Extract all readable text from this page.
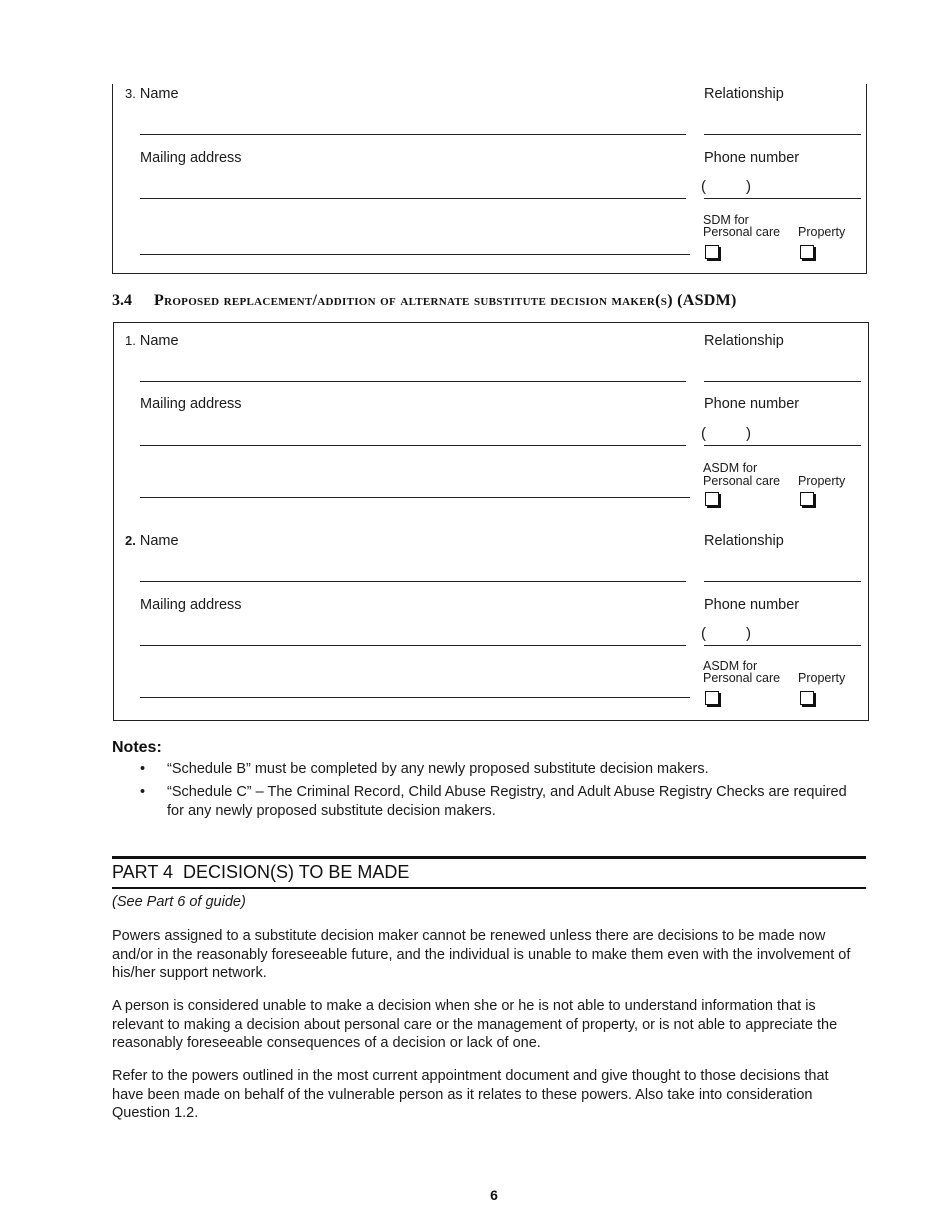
3. Name	Relationship
Mailing address	Phone number
(	)
SDM for
Personal care Property
3.4 Proposed replacement/addition of alternate substitute decision maker(s) (ASDM)
1. Name	Relationship
Mailing address	Phone number
(	)
ASDM for
Personal care Property
2. Name	Relationship
Mailing address	Phone number
(	)
ASDM for
Personal care Property
Notes:
• “Schedule B” must be completed by any newly proposed substitute decision makers.
• “Schedule C” – The Criminal Record, Child Abuse Registry, and Adult Abuse Registry Checks are required for any newly proposed substitute decision makers.
PART 4 DECISION(S) TO BE MADE
(See Part 6 of guide)
Powers assigned to a substitute decision maker cannot be renewed unless there are decisions to be made now and/or in the reasonably foreseeable future, and the individual is unable to make them even with the involvement of his/her support network.
A person is considered unable to make a decision when she or he is not able to understand information that is relevant to making a decision about personal care or the management of property, or is not able to appreciate the reasonably foreseeable consequences of a decision or lack of one.
Refer to the powers outlined in the most current appointment document and give thought to those decisions that have been made on behalf of the vulnerable person as it relates to these powers. Also take into consideration Question 1.2.
6
